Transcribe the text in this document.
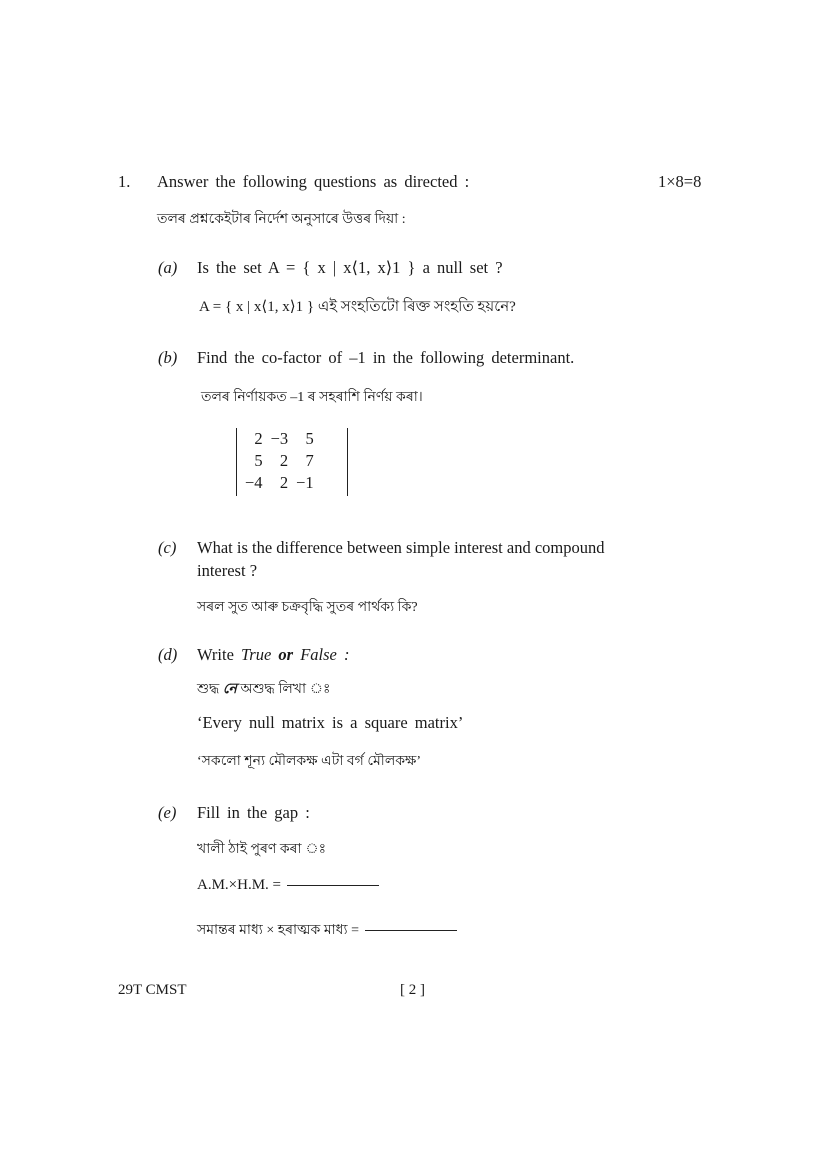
1. Answer the following questions as directed :	1×8=8
তলৰ প্ৰশ্নকেইটাৰ নিৰ্দেশ অনুসাৰে উত্তৰ দিয়া :
(a) Is the set A = { x | x⟨1, x⟩1 } a null set ?
A = { x | x⟨1, x⟩1 } এই সংহতিটো ৰিক্ত সংহতি হয়নে?
(b) Find the co-factor of –1 in the following determinant.
তলৰ নিৰ্ণায়কত –1 ৰ সহৰাশি নিৰ্ণয় কৰা।
2	−3	5
5	2	7
−4	2	−1
(c) What is the difference between simple interest and compound
interest ?
সৰল সুত আৰু চক্ৰবৃদ্ধি সুতৰ পাৰ্থক্য কি?
(d) Write True or False :
শুদ্ধ নে অশুদ্ধ লিখা ঃ
‘Every null matrix is a square matrix’
‘সকলো শূন্য মৌলকক্ষ এটা বৰ্গ মৌলকক্ষ’
(e) Fill in the gap :
খালী ঠাই পুৰণ কৰা ঃ
A.M.×H.M. =
সমান্তৰ মাধ্য × হৰাত্মক মাধ্য =
29T CMST	[ 2 ]
